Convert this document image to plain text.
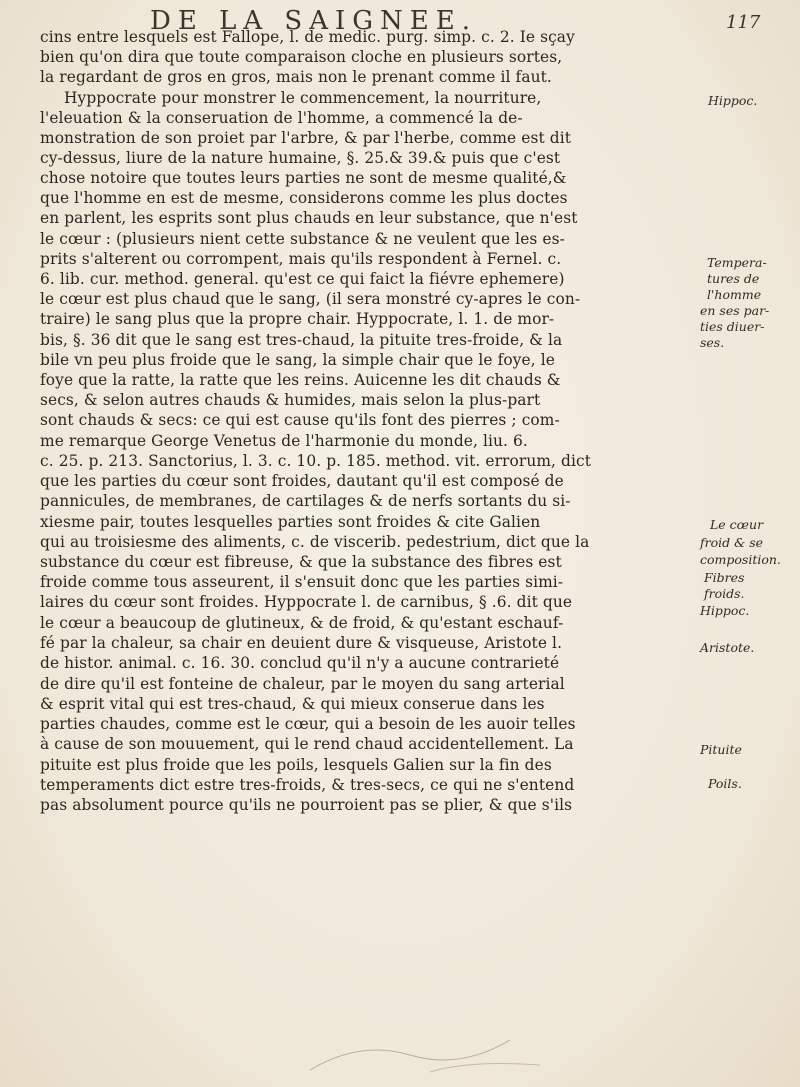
DE LA SAIGNEE.	117
cins entre lesquels est Fallope, l. de medic. purg. simp. c. 2. Ie sçay
bien qu'on dira que toute comparaison cloche en plusieurs sortes,
la regardant de gros en gros, mais non le prenant comme il faut.
Hyppocrate pour monstrer le commencement, la nourriture,
l'eleuation & la conseruation de l'homme, a commencé la de-
monstration de son proiet par l'arbre, & par l'herbe, comme est dit
cy-dessus, liure de la nature humaine, §. 25.& 39.& puis que c'est
chose notoire que toutes leurs parties ne sont de mesme qualité,&
que l'homme en est de mesme, considerons comme les plus doctes
en parlent, les esprits sont plus chauds en leur substance, que n'est
le cœur : (plusieurs nient cette substance & ne veulent que les es-
prits s'alterent ou corrompent, mais qu'ils respondent à Fernel. c.
6. lib. cur. method. general. qu'est ce qui faict la fiévre ephemere)
le cœur est plus chaud que le sang, (il sera monstré cy-apres le con-
traire) le sang plus que la propre chair. Hyppocrate, l. 1. de mor-
bis, §. 36 dit que le sang est tres-chaud, la pituite tres-froide, & la
bile vn peu plus froide que le sang, la simple chair que le foye, le
foye que la ratte, la ratte que les reins. Auicenne les dit chauds &
secs, & selon autres chauds & humides, mais selon la plus-part
sont chauds & secs: ce qui est cause qu'ils font des pierres ; com-
me remarque George Venetus de l'harmonie du monde, liu. 6.
c. 25. p. 213. Sanctorius, l. 3. c. 10. p. 185. method. vit. errorum, dict
que les parties du cœur sont froides, dautant qu'il est composé de
pannicules, de membranes, de cartilages & de nerfs sortants du si-
xiesme pair, toutes lesquelles parties sont froides & cite Galien
qui au troisiesme des aliments, c. de viscerib. pedestrium, dict que la
substance du cœur est fibreuse, & que la substance des fibres est
froide comme tous asseurent, il s'ensuit donc que les parties simi-
laires du cœur sont froides. Hyppocrate l. de carnibus, § .6. dit que
le cœur a beaucoup de glutineux, & de froid, & qu'estant eschauf-
fé par la chaleur, sa chair en deuient dure & visqueuse, Aristote l.
de histor. animal. c. 16. 30. conclud qu'il n'y a aucune contrarieté
de dire qu'il est fonteine de chaleur, par le moyen du sang arterial
& esprit vital qui est tres-chaud, & qui mieux conserue dans les
parties chaudes, comme est le cœur, qui a besoin de les auoir telles
à cause de son mouuement, qui le rend chaud accidentellement. La
pituite est plus froide que les poils, lesquels Galien sur la fin des
temperaments dict estre tres-froids, & tres-secs, ce qui ne s'entend
pas absolument pource qu'ils ne pourroient pas se plier, & que s'ils
Hippoc.
Tempera-
tures de
l'homme
en ses par-
ties diuer-
ses.
Le cœur
froid & se
composition.
Fibres
froids.
Hippoc.
Aristote.
Pituite
Poils.
